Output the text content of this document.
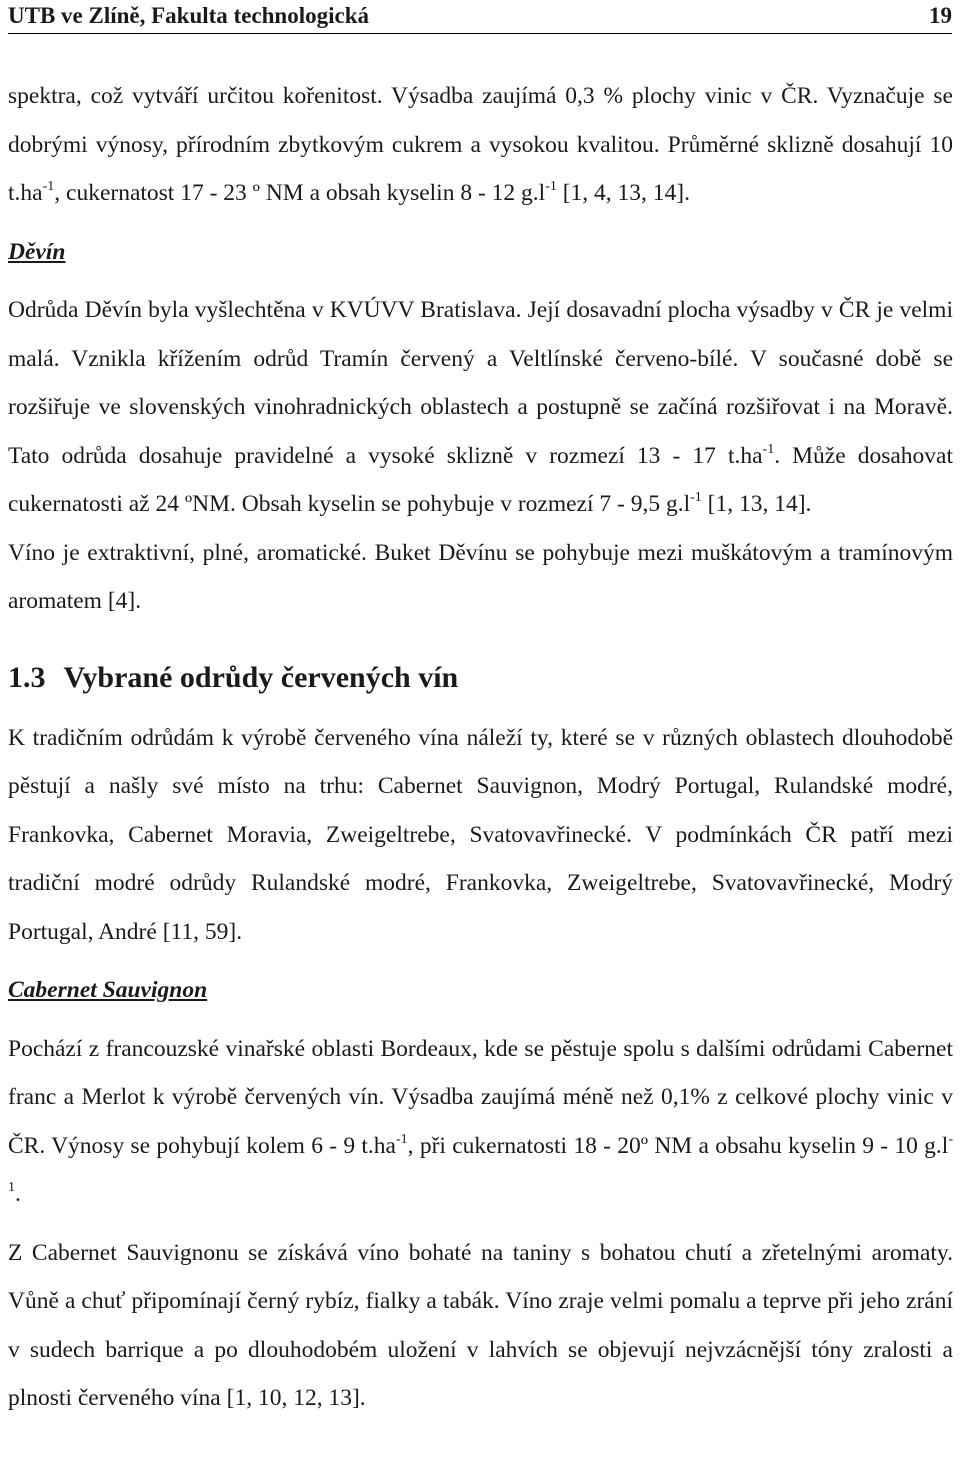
UTB ve Zlíně, Fakulta technologická	19

spektra, což vytváří určitou kořenitost. Výsadba zaujímá 0,3 % plochy vinic v ČR. Vyznačuje se dobrými výnosy, přírodním zbytkovým cukrem a vysokou kvalitou. Průměrné sklizně dosahují 10 $t.ha^{-1}$, cukernatost 17 - 23 º NM a obsah kyselin 8 - 12 $g.l^{-1}$ [1, 4, 13, 14].

Děvín

Odrůda Děvín byla vyšlechtěna v KVÚVV Bratislava. Její dosavadní plocha výsadby v ČR je velmi malá. Vznikla křížením odrůd Tramín červený a Veltlínské červeno-bílé. V současné době se rozšiřuje ve slovenských vinohradnických oblastech a postupně se začíná rozšiřovat i na Moravě. Tato odrůda dosahuje pravidelné a vysoké sklizně v rozmezí 13 - 17 $t.ha^{-1}$. Může dosahovat cukernatosti až 24 ºNM. Obsah kyselin se pohybuje v rozmezí 7 - 9,5 $g.l^{-1}$ [1, 13, 14].

Víno je extraktivní, plné, aromatické. Buket Děvínu se pohybuje mezi muškátovým a tramínovým aromatem [4].

1.3 Vybrané odrůdy červených vín

K tradičním odrůdám k výrobě červeného vína náleží ty, které se v různých oblastech dlouhodobě pěstují a našly své místo na trhu: Cabernet Sauvignon, Modrý Portugal, Rulandské modré, Frankovka, Cabernet Moravia, Zweigeltrebe, Svatovavřinecké. V podmínkách ČR patří mezi tradiční modré odrůdy Rulandské modré, Frankovka, Zweigeltrebe, Svatovavřinecké, Modrý Portugal, André [11, 59].

Cabernet Sauvignon

Pochází z francouzské vinařské oblasti Bordeaux, kde se pěstuje spolu s dalšími odrůdami Cabernet franc a Merlot k výrobě červených vín. Výsadba zaujímá méně než 0,1% z celkové plochy vinic v ČR. Výnosy se pohybují kolem 6 - 9 $t.ha^{-1}$, při cukernatosti 18 - 20º NM a obsahu kyselin 9 - 10 $g.l^{-1}$.

Z Cabernet Sauvignonu se získává víno bohaté na taniny s bohatou chutí a zřetelnými aromaty. Vůně a chuť připomínají černý rybíz, fialky a tabák. Víno zraje velmi pomalu a teprve při jeho zrání v sudech barrique a po dlouhodobém uložení v lahvích se objevují nejvzácnější tóny zralosti a plnosti červeného vína [1, 10, 12, 13].
